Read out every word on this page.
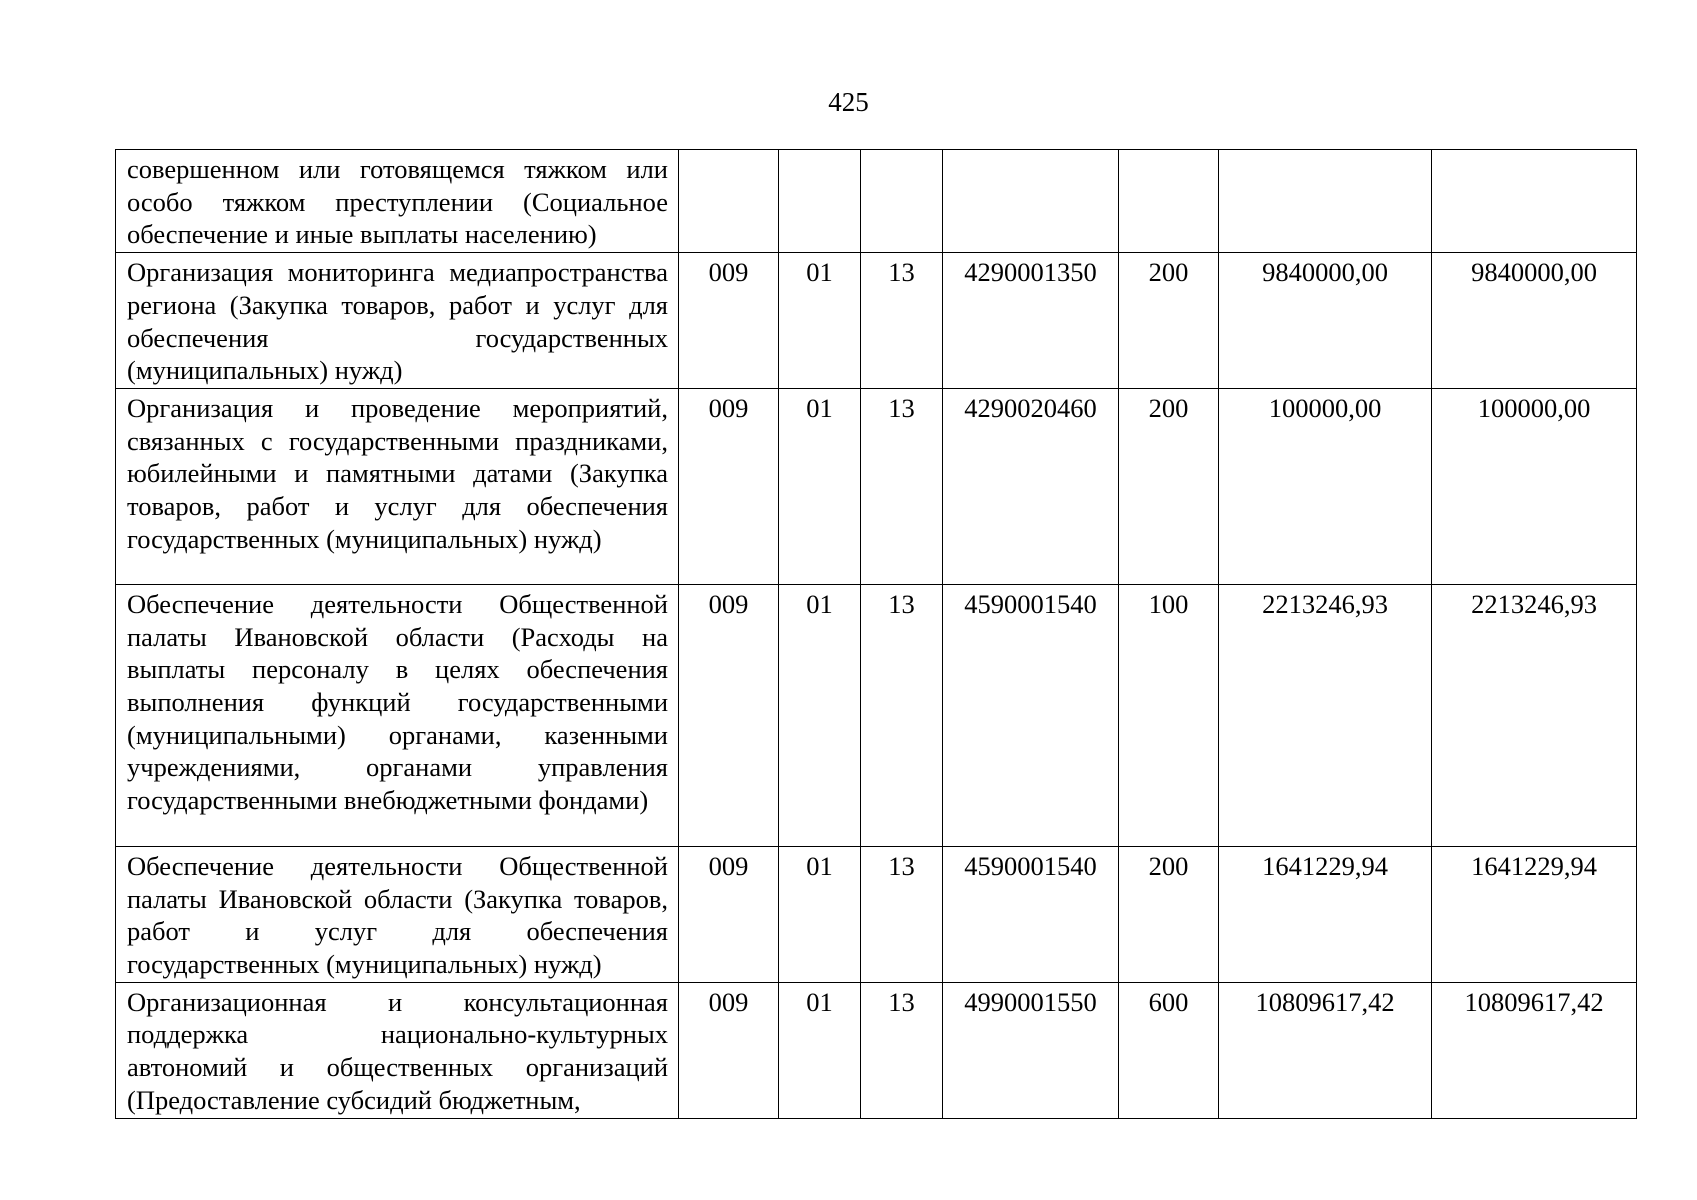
425
совершенном или готовящемся тяжком или особо тяжком преступлении (Социальное обеспечение и иные выплаты населению)							
Организация мониторинга медиапространства региона (Закупка товаров, работ и услуг для обеспечения государственных (муниципальных) нужд)	009	01	13	4290001350	200	9840000,00	9840000,00
Организация и проведение мероприятий, связанных с государственными праздниками, юбилейными и памятными датами (Закупка товаров, работ и услуг для обеспечения государственных (муниципальных) нужд)	009	01	13	4290020460	200	100000,00	100000,00
Обеспечение деятельности Общественной палаты Ивановской области (Расходы на выплаты персоналу в целях обеспечения выполнения функций государственными (муниципальными) органами, казенными учреждениями, органами управления государственными внебюджетными фондами)	009	01	13	4590001540	100	2213246,93	2213246,93
Обеспечение деятельности Общественной палаты Ивановской области (Закупка товаров, работ и услуг для обеспечения государственных (муниципальных) нужд)	009	01	13	4590001540	200	1641229,94	1641229,94
Организационная и консультационная поддержка национально-культурных автономий и общественных организаций (Предоставление субсидий бюджетным,	009	01	13	4990001550	600	10809617,42	10809617,42
